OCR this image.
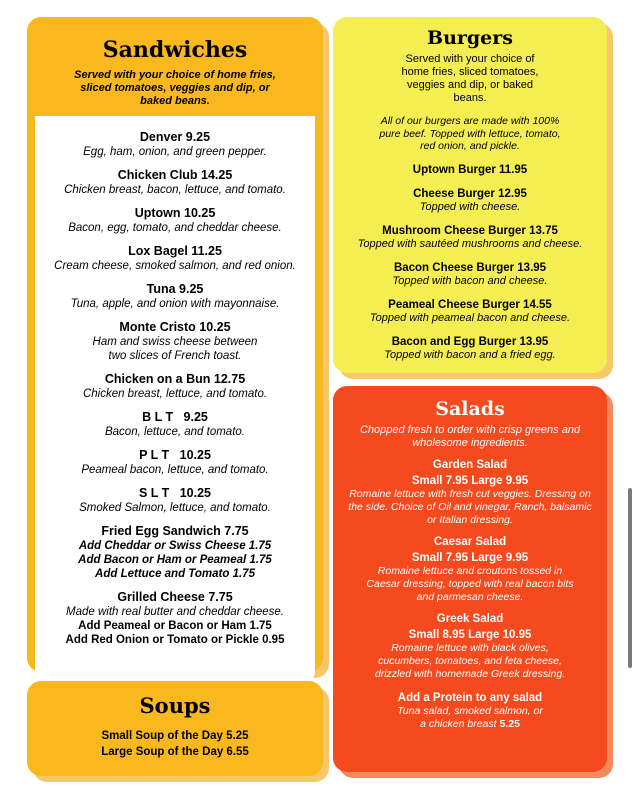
Sandwiches
Served with your choice of home fries, sliced tomatoes, veggies and dip, or baked beans.
Denver 9.25
Egg, ham, onion, and green pepper.
Chicken Club 14.25
Chicken breast, bacon, lettuce, and tomato.
Uptown 10.25
Bacon, egg, tomato, and cheddar cheese.
Lox Bagel 11.25
Cream cheese, smoked salmon, and red onion.
Tuna 9.25
Tuna, apple, and onion with mayonnaise.
Monte Cristo 10.25
Ham and swiss cheese between two slices of French toast.
Chicken on a Bun 12.75
Chicken breast, lettuce, and tomato.
B L T   9.25
Bacon, lettuce, and tomato.
P L T   10.25
Peameal bacon, lettuce, and tomato.
S L T   10.25
Smoked Salmon, lettuce, and tomato.
Fried Egg Sandwich 7.75
Add Cheddar or Swiss Cheese 1.75
Add Bacon or Ham or Peameal 1.75
Add Lettuce and Tomato 1.75
Grilled Cheese 7.75
Made with real butter and cheddar cheese.
Add Peameal or Bacon or Ham 1.75
Add Red Onion or Tomato or Pickle 0.95
Soups
Small Soup of the Day 5.25
Large Soup of the Day 6.55
Burgers
Served with your choice of home fries, sliced tomatoes, veggies and dip, or baked beans.
All of our burgers are made with 100% pure beef. Topped with lettuce, tomato, red onion, and pickle.
Uptown Burger 11.95
Cheese Burger 12.95
Topped with cheese.
Mushroom Cheese Burger 13.75
Topped with sautéed mushrooms and cheese.
Bacon Cheese Burger 13.95
Topped with bacon and cheese.
Peameal Cheese Burger 14.55
Topped with peameal bacon and cheese.
Bacon and Egg Burger 13.95
Topped with bacon and a fried egg.
Salads
Chopped fresh to order with crisp greens and wholesome ingredients.
Garden Salad
Small 7.95 Large 9.95
Romaine lettuce with fresh cut veggies. Dressing on the side. Choice of Oil and vinegar, Ranch, balsamic or Italian dressing.
Caesar Salad
Small 7.95 Large 9.95
Romaine lettuce and croutons tossed in Caesar dressing, topped with real bacon bits and parmesan cheese.
Greek Salad
Small 8.95 Large 10.95
Romaine lettuce with black olives, cucumbers, tomatoes, and feta cheese, drizzled with homemade Greek dressing.
Add a Protein to any salad
Tuna salad, smoked salmon, or a chicken breast 5.25
